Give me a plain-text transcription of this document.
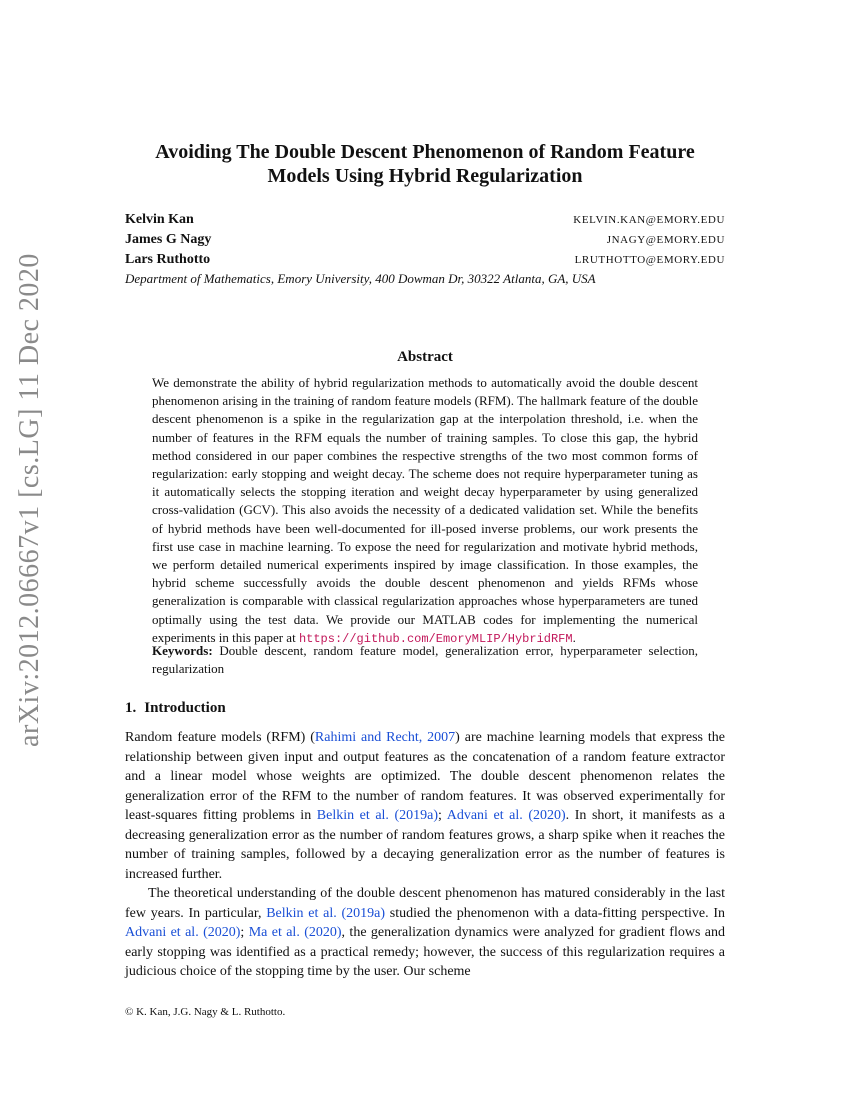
arXiv:2012.06667v1 [cs.LG] 11 Dec 2020
Avoiding The Double Descent Phenomenon of Random Feature
Models Using Hybrid Regularization
Kelvin Kan	KELVIN.KAN@EMORY.EDU
James G Nagy	JNAGY@EMORY.EDU
Lars Ruthotto	LRUTHOTTO@EMORY.EDU
Department of Mathematics, Emory University, 400 Dowman Dr, 30322 Atlanta, GA, USA
Abstract
We demonstrate the ability of hybrid regularization methods to automatically avoid the double descent phenomenon arising in the training of random feature models (RFM). The hallmark feature of the double descent phenomenon is a spike in the regularization gap at the interpolation threshold, i.e. when the number of features in the RFM equals the number of training samples. To close this gap, the hybrid method considered in our paper combines the respective strengths of the two most common forms of regularization: early stopping and weight decay. The scheme does not require hyperparameter tuning as it automatically selects the stopping iteration and weight decay hyperparameter by using generalized cross-validation (GCV). This also avoids the necessity of a dedicated validation set. While the benefits of hybrid methods have been well-documented for ill-posed inverse problems, our work presents the first use case in machine learning. To expose the need for regularization and motivate hybrid methods, we perform detailed numerical experiments inspired by image classification. In those examples, the hybrid scheme successfully avoids the double descent phenomenon and yields RFMs whose generalization is comparable with classical regularization approaches whose hyperparameters are tuned optimally using the test data. We provide our MATLAB codes for implementing the numerical experiments in this paper at https://github.com/EmoryMLIP/HybridRFM.
Keywords: Double descent, random feature model, generalization error, hyperparameter selection, regularization
1. Introduction

Random feature models (RFM) (Rahimi and Recht, 2007) are machine learning models that express the relationship between given input and output features as the concatenation of a random feature extractor and a linear model whose weights are optimized. The double descent phenomenon relates the generalization error of the RFM to the number of random features. It was observed experimentally for least-squares fitting problems in Belkin et al. (2019a); Advani et al. (2020). In short, it manifests as a decreasing generalization error as the number of random features grows, a sharp spike when it reaches the number of training samples, followed by a decaying generalization error as the number of features is increased further.

The theoretical understanding of the double descent phenomenon has matured considerably in the last few years. In particular, Belkin et al. (2019a) studied the phenomenon with a data-fitting perspective. In Advani et al. (2020); Ma et al. (2020), the generalization dynamics were analyzed for gradient flows and early stopping was identified as a practical remedy; however, the success of this regularization requires a judicious choice of the stopping time by the user. Our scheme

© K. Kan, J.G. Nagy & L. Ruthotto.
